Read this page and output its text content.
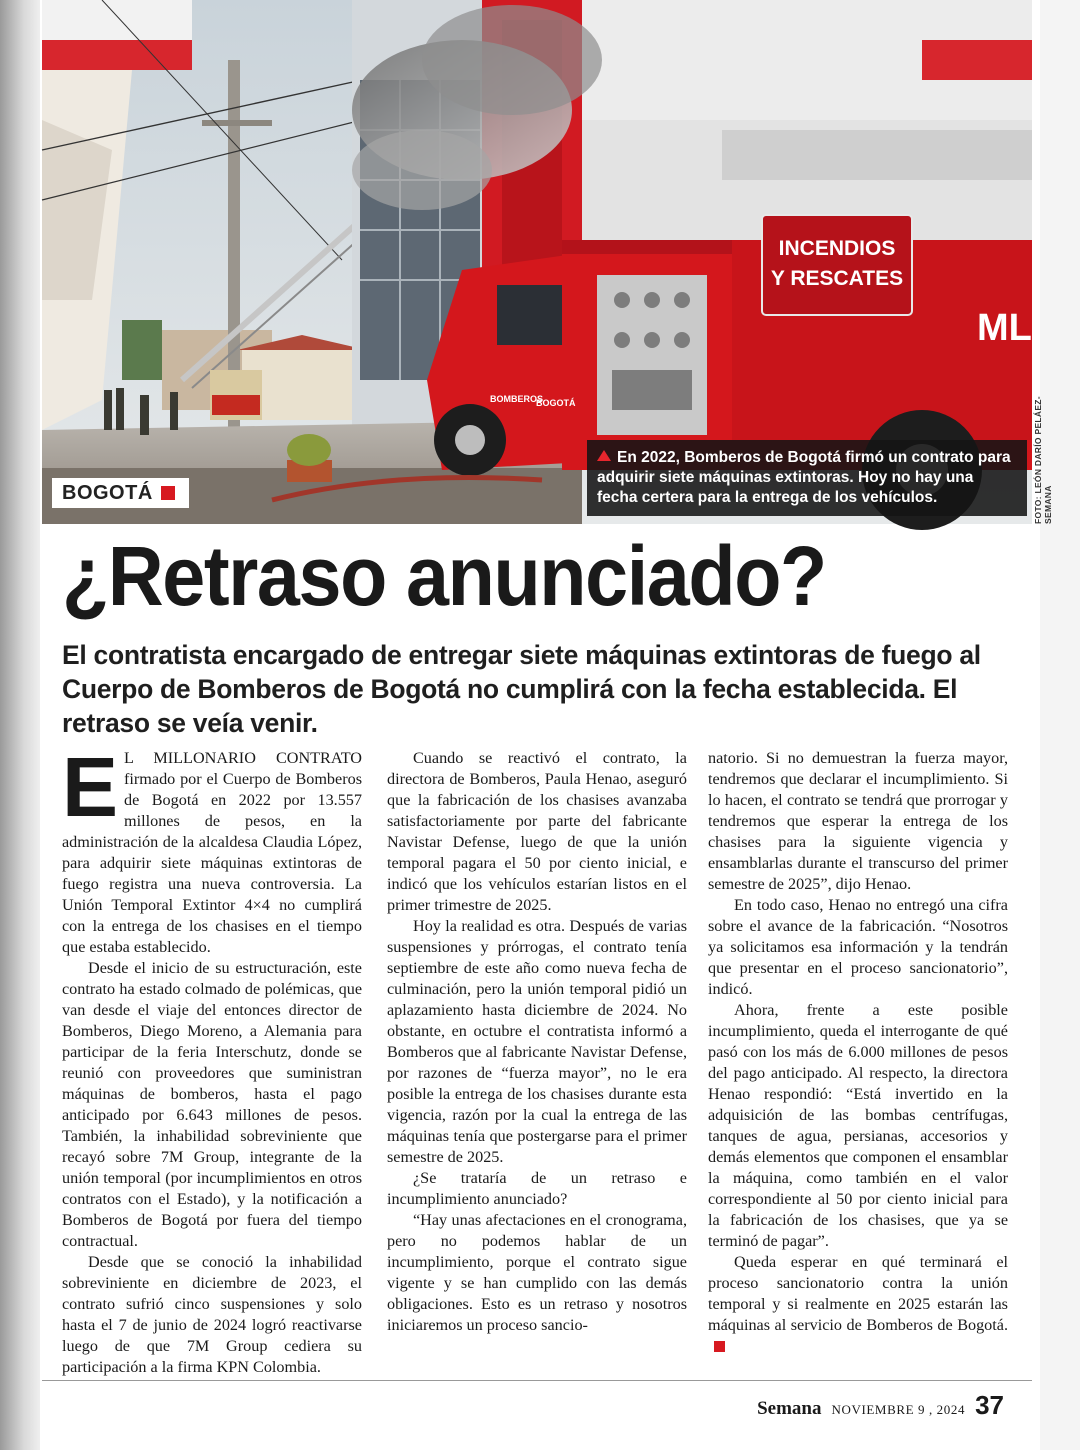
INCENDIOS
Y RESCATES
ML
BOMBEROS
BOGOTÁ
BOGOTÁ
En 2022, Bomberos de Bogotá firmó un contrato para adquirir siete máquinas extintoras. Hoy no hay una fecha certera para la entrega de los vehículos.	FOTO: LEÓN DARÍO PELÁEZ-SEMANA
¿Retraso anunciado?
El contratista encargado de entregar siete máquinas extintoras de fuego al Cuerpo de Bomberos de Bogotá no cumplirá con la fecha establecida. El retraso se veía venir.

E L MILLONARIO CONTRATO firmado por el Cuerpo de Bomberos de Bogotá en 2022 por 13.557 millones de pesos, en la administración de la alcaldesa Claudia López, para adquirir siete máquinas extintoras de fuego registra una nueva controversia. La Unión Temporal Extintor 4×4 no cumplirá con la entrega de los chasises en el tiempo que estaba establecido.

Desde el inicio de su estructuración, este contrato ha estado colmado de polémicas, que van desde el viaje del entonces director de Bomberos, Diego Moreno, a Alemania para participar de la feria Interschutz, donde se reunió con proveedores que suministran máquinas de bomberos, hasta el pago anticipado por 6.643 millones de pesos. También, la inhabilidad sobreviniente que recayó sobre 7M Group, integrante de la unión temporal (por incumplimientos en otros contratos con el Estado), y la notificación a Bomberos de Bogotá por fuera del tiempo contractual.

Desde que se conoció la inhabilidad sobreviniente en diciembre de 2023, el contrato sufrió cinco suspensiones y solo hasta el 7 de junio de 2024 logró reactivarse luego de que 7M Group cediera su participación a la firma KPN Colombia.

Cuando se reactivó el contrato, la directora de Bomberos, Paula Henao, aseguró que la fabricación de los chasises avanzaba satisfactoriamente por parte del fabricante Navistar Defense, luego de que la unión temporal pagara el 50 por ciento inicial, e indicó que los vehículos estarían listos en el primer trimestre de 2025.

Hoy la realidad es otra. Después de varias suspensiones y prórrogas, el contrato tenía septiembre de este año como nueva fecha de culminación, pero la unión temporal pidió un aplazamiento hasta diciembre de 2024. No obstante, en octubre el contratista informó a Bomberos que al fabricante Navistar Defense, por razones de “fuerza mayor”, no le era posible la entrega de los chasises durante esta vigencia, razón por la cual la entrega de las máquinas tenía que postergarse para el primer semestre de 2025.

¿Se trataría de un retraso e incumplimiento anunciado?

“Hay unas afectaciones en el cronograma, pero no podemos hablar de un incumplimiento, porque el contrato sigue vigente y se han cumplido con las demás obligaciones. Esto es un retraso y nosotros iniciaremos un proceso sancio-

natorio. Si no demuestran la fuerza mayor, tendremos que declarar el incumplimiento. Si lo hacen, el contrato se tendrá que prorrogar y tendremos que esperar la entrega de los chasises para la siguiente vigencia y ensamblarlas durante el transcurso del primer semestre de 2025”, dijo Henao.

En todo caso, Henao no entregó una cifra sobre el avance de la fabricación. “Nosotros ya solicitamos esa información y la tendrán que presentar en el proceso sancionatorio”, indicó.

Ahora, frente a este posible incumplimiento, queda el interrogante de qué pasó con los más de 6.000 millones de pesos del pago anticipado. Al respecto, la directora Henao respondió: “Está invertido en la adquisición de las bombas centrífugas, tanques de agua, persianas, accesorios y demás elementos que componen el ensamblar la máquina, como también en el valor correspondiente al 50 por ciento inicial para la fabricación de los chasises, que ya se terminó de pagar”.

Queda esperar en qué terminará el proceso sancionatorio contra la unión temporal y si realmente en 2025 estarán las máquinas al servicio de Bomberos de Bogotá.

Semana NOVIEMBRE 9 , 2024 37
